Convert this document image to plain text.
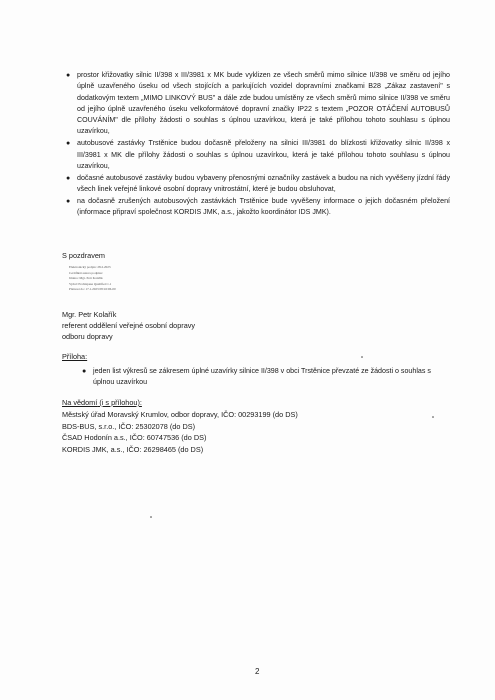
● prostor křižovatky silnic II/398 x III/3981 x MK bude vyklizen ze všech směrů mimo silnice II/398 ve směru od jejího úplně uzavřeného úseku od všech stojících a parkujících vozidel dopravními značkami B28 „Zákaz zastavení" s dodatkovým textem „MIMO LINKOVÝ BUS" a dále zde budou umístěny ze všech směrů mimo silnice II/398 ve směru od jejího úplně uzavřeného úseku velkoformátové dopravní značky IP22 s textem „POZOR OTÁČENÍ AUTOBUSŮ COUVÁNÍM" dle přílohy žádosti o souhlas s úplnou uzavírkou, která je také přílohou tohoto souhlasu s úplnou uzavírkou,
● autobusové zastávky Trstěnice budou dočasně přeloženy na silnici III/3981 do blízkosti křižovatky silnic II/398 x III/3981 x MK dle přílohy žádosti o souhlas s úplnou uzavírkou, která je také přílohou tohoto souhlasu s úplnou uzavírkou,
● dočasné autobusové zastávky budou vybaveny přenosnými označníky zastávek a budou na nich vyvěšeny jízdní řády všech linek veřejné linkové osobní dopravy vnitrostátní, které je budou obsluhovat,
● na dočasně zrušených autobusových zastávkách Trstěnice bude vyvěšeny informace o jejich dočasném přeložení (informace připraví společnost KORDIS JMK, a.s., jakožto koordinátor IDS JMK).
S pozdravem
Elektronický podpis: 28.2.2023
Certifikát autora podpisu:
Jméno: Mgr. Petr Kolařík
Vydal: Prohlapuse Qualified 1.1
Platnost do: 17.1.2023 08:16:06-00
Mgr. Petr Kolařík
referent oddělení veřejné osobní dopravy
odboru dopravy
Příloha:
● jeden list výkresů se zákresem úplné uzavírky silnice II/398 v obci Trstěnice převzaté ze žádosti o souhlas s úplnou uzavírkou
Na vědomí (i s přílohou):
Městský úřad Moravský Krumlov, odbor dopravy, IČO: 00293199 (do DS)
BDS-BUS, s.r.o., IČO: 25302078 (do DS)
ČSAD Hodonín a.s., IČO: 60747536 (do DS)
KORDIS JMK, a.s., IČO: 26298465 (do DS)
2
